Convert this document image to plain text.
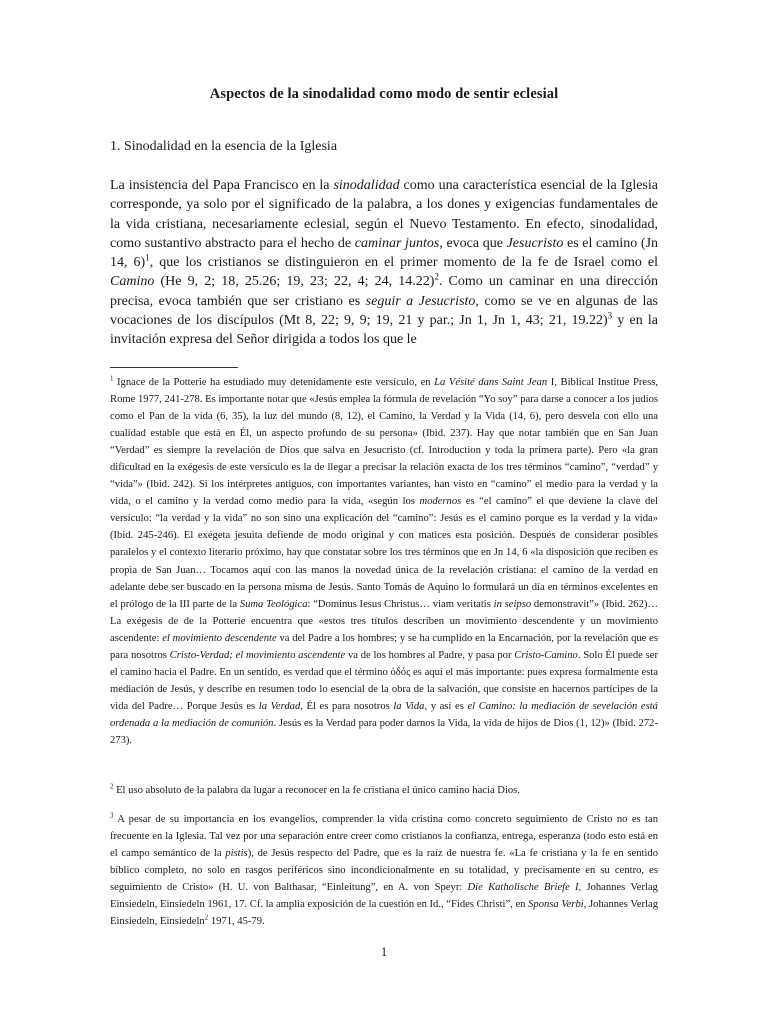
Aspectos de la sinodalidad como modo de sentir eclesial
1. Sinodalidad en la esencia de la Iglesia

La insistencia del Papa Francisco en la sinodalidad como una característica esencial de la Iglesia corresponde, ya solo por el significado de la palabra, a los dones y exigencias fundamentales de la vida cristiana, necesariamente eclesial, según el Nuevo Testamento. En efecto, sinodalidad, como sustantivo abstracto para el hecho de caminar juntos, evoca que Jesucristo es el camino (Jn 14, 6)$^1$, que los cristianos se distinguieron en el primer momento de la fe de Israel como el Camino (He 9, 2; 18, 25.26; 19, 23; 22, 4; 24, 14.22)$^2$. Como un caminar en una dirección precisa, evoca también que ser cristiano es seguir a Jesucristo, como se ve en algunas de las vocaciones de los discípulos (Mt 8, 22; 9, 9; 19, 21 y par.; Jn 1, Jn 1, 43; 21, 19.22)$^3$ y en la invitación expresa del Señor dirigida a todos los que le

$^1$ Ignace de la Potterie ha estudiado muy detenidamente este versículo, en La Vésité dans Saint Jean I, Biblical Institue Press, Rome 1977, 241-278. Es importante notar que «Jesús emplea la fórmula de revelación “Yo soy” para darse a conocer a los judíos como el Pan de la vida (6, 35), la luz del mundo (8, 12), el Camino, la Verdad y la Vida (14, 6), pero desvela con ello una cualidad estable que está en Él, un aspecto profundo de su persona» (Ibid. 237). Hay que notar también que en San Juan “Verdad” es siempre la revelación de Dios que salva en Jesucristo (cf. Introduction y toda la primera parte). Pero «la gran dificultad en la exégesis de este versículo es la de llegar a precisar la relación exacta de los tres términos “camino”, “verdad” y “vida”» (Ibid. 242). Si los intérpretes antiguos, con importantes variantes, han visto en “camino” el medio para la verdad y la vida, o el camino y la verdad como medio para la vida, «según los modernos es “el camino” el que deviene la clave del versículo: “la verdad y la vida” no son sino una explicación del “camino”: Jesús es el camino porque es la verdad y la vida» (Ibid. 245-246). El exégeta jesuita defiende de modo original y con matices esta posición. Después de considerar posibles paralelos y el contexto literario próximo, hay que constatar sobre los tres términos que en Jn 14, 6 «la disposición que reciben es propia de San Juan… Tocamos aquí con las manos la novedad única de la revelación cristiana: el camino de la verdad en adelante debe ser buscado en la persona misma de Jesús. Santo Tomás de Aquino lo formulará un día en términos excelentes en el prólogo de la III parte de la Suma Teológica: “Dominus Iesus Christus… viam veritatis in seipso demonstravit”» (Ibid. 262)… La exégesis de de la Potterie encuentra que «estos tres títulos describen un movimiento descendente y un movimiento ascendente: el movimiento descendente va del Padre a los hombres; y se ha cumplido en la Encarnación, por la revelación que es para nosotros Cristo-Verdad; el movimiento ascendente va de los hombres al Padre, y pasa por Cristo-Camino. Solo Él puede ser el camino hacia el Padre. En un sentido, es verdad que el término ὁδός es aquí el más importante: pues expresa formalmente esta mediación de Jesús, y describe en resumen todo lo esencial de la obra de la salvación, que consiste en hacernos partícipes de la vida del Padre… Porque Jesús es la Verdad, Él es para nosotros la Vida, y así es el Camino: la mediación de sevelación está ordenada a la mediación de comunión. Jesús es la Verdad para poder darnos la Vida, la vida de hijos de Dios (1, 12)» (Ibid. 272-273).

$^2$ El uso absoluto de la palabra da lugar a reconocer en la fe cristiana el único camino hacia Dios.

$^3$ A pesar de su importancia en los evangelios, comprender la vida cristina como concreto seguimiento de Cristo no es tan frecuente en la Iglesia. Tal vez por una separación entre creer como cristianos la confianza, entrega, esperanza (todo esto está en el campo semántico de la pistis), de Jesús respecto del Padre, que es la raíz de nuestra fe. «La fe cristiana y la fe en sentido bíblico completo, no solo en rasgos periféricos sino incondicionalmente en su totalidad, y precisamente en su centro, es seguimiento de Cristo» (H. U. von Balthasar, “Einleitung”, en A. von Speyr: Die Katholische Briefe I, Johannes Verlag Einsiedeln, Einsiedeln 1961, 17. Cf. la amplia exposición de la cuestión en Id., “Fides Christi”, en Sponsa Verbi, Johannes Verlag Einsiedeln, Einsiedeln$^2$ 1971, 45-79.

1
